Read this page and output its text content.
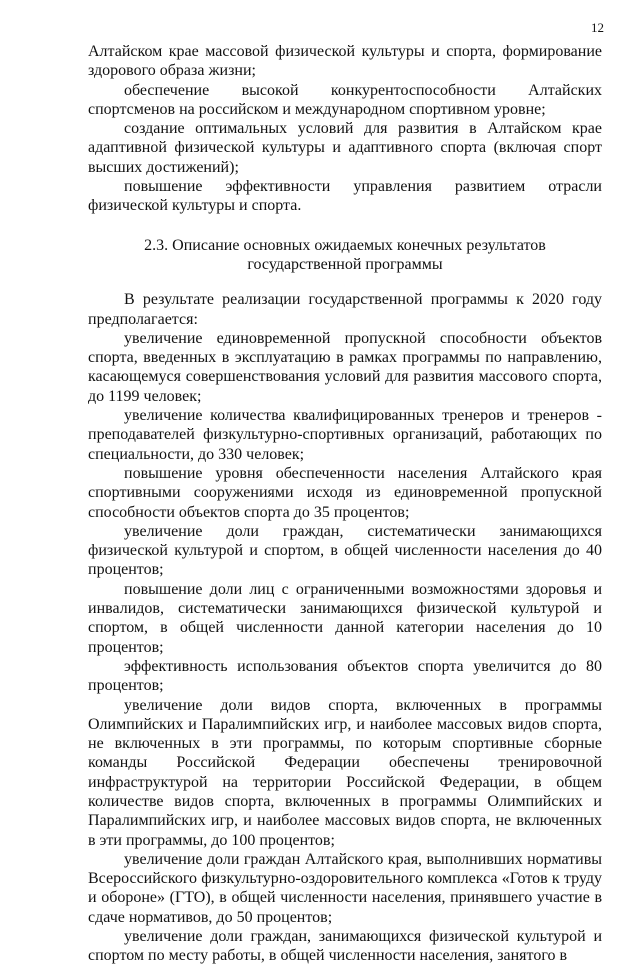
12

Алтайском крае массовой физической культуры и спорта, формирование здорового образа жизни;

обеспечение высокой конкурентоспособности Алтайских спортсменов на российском и международном спортивном уровне;

создание оптимальных условий для развития в Алтайском крае адаптивной физической культуры и адаптивного спорта (включая спорт высших достижений);

повышение эффективности управления развитием отрасли физической культуры и спорта.

2.3. Описание основных ожидаемых конечных результатов государственной программы

В результате реализации государственной программы к 2020 году предполагается:

увеличение единовременной пропускной способности объектов спорта, введенных в эксплуатацию в рамках программы по направлению, касающемуся совершенствования условий для развития массового спорта, до 1199 человек;

увеличение количества квалифицированных тренеров и тренеров - преподавателей физкультурно-спортивных организаций, работающих по специальности, до 330 человек;

повышение уровня обеспеченности населения Алтайского края спортивными сооружениями исходя из единовременной пропускной способности объектов спорта до 35 процентов;

увеличение доли граждан, систематически занимающихся физической культурой и спортом, в общей численности населения до 40 процентов;

повышение доли лиц с ограниченными возможностями здоровья и инвалидов, систематически занимающихся физической культурой и спортом, в общей численности данной категории населения до 10 процентов;

эффективность использования объектов спорта увеличится до 80 процентов;

увеличение доли видов спорта, включенных в программы Олимпийских и Паралимпийских игр, и наиболее массовых видов спорта, не включенных в эти программы, по которым спортивные сборные команды Российской Федерации обеспечены тренировочной инфраструктурой на территории Российской Федерации, в общем количестве видов спорта, включенных в программы Олимпийских и Паралимпийских игр, и наиболее массовых видов спорта, не включенных в эти программы, до 100 процентов;

увеличение доли граждан Алтайского края, выполнивших нормативы Всероссийского физкультурно-оздоровительного комплекса «Готов к труду и обороне» (ГТО), в общей численности населения, принявшего участие в сдаче нормативов, до 50 процентов;

увеличение доли граждан, занимающихся физической культурой и спортом по месту работы, в общей численности населения, занятого в
